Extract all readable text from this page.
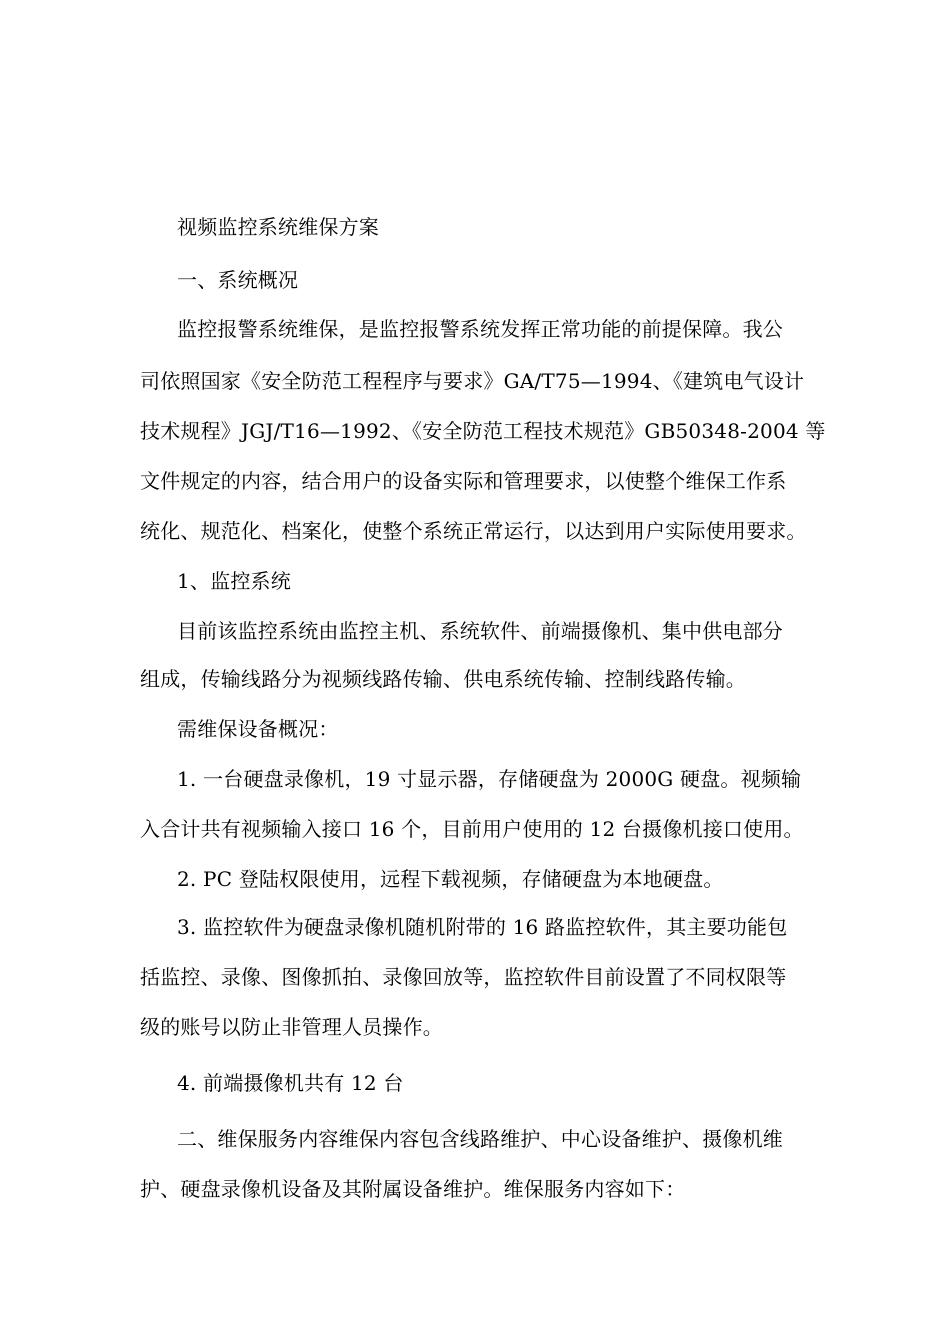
视频监控系统维保方案
一、系统概况
监控报警系统维保，是监控报警系统发挥正常功能的前提保障。我公
司依照国家《安全防范工程程序与要求》GA/T75—1994、《建筑电气设计
技术规程》JGJ/T16—1992、《安全防范工程技术规范》GB50348-2004 等
文件规定的内容，结合用户的设备实际和管理要求，以使整个维保工作系
统化、规范化、档案化，使整个系统正常运行，以达到用户实际使用要求。
1、监控系统
目前该监控系统由监控主机、系统软件、前端摄像机、集中供电部分
组成，传输线路分为视频线路传输、供电系统传输、控制线路传输。
需维保设备概况：
1. 一台硬盘录像机，19 寸显示器，存储硬盘为 2000G 硬盘。视频输
入合计共有视频输入接口 16 个，目前用户使用的 12 台摄像机接口使用。
2. PC 登陆权限使用，远程下载视频，存储硬盘为本地硬盘。
3. 监控软件为硬盘录像机随机附带的 16 路监控软件，其主要功能包
括监控、录像、图像抓拍、录像回放等，监控软件目前设置了不同权限等
级的账号以防止非管理人员操作。
4. 前端摄像机共有 12 台
二、维保服务内容维保内容包含线路维护、中心设备维护、摄像机维
护、硬盘录像机设备及其附属设备维护。维保服务内容如下：
